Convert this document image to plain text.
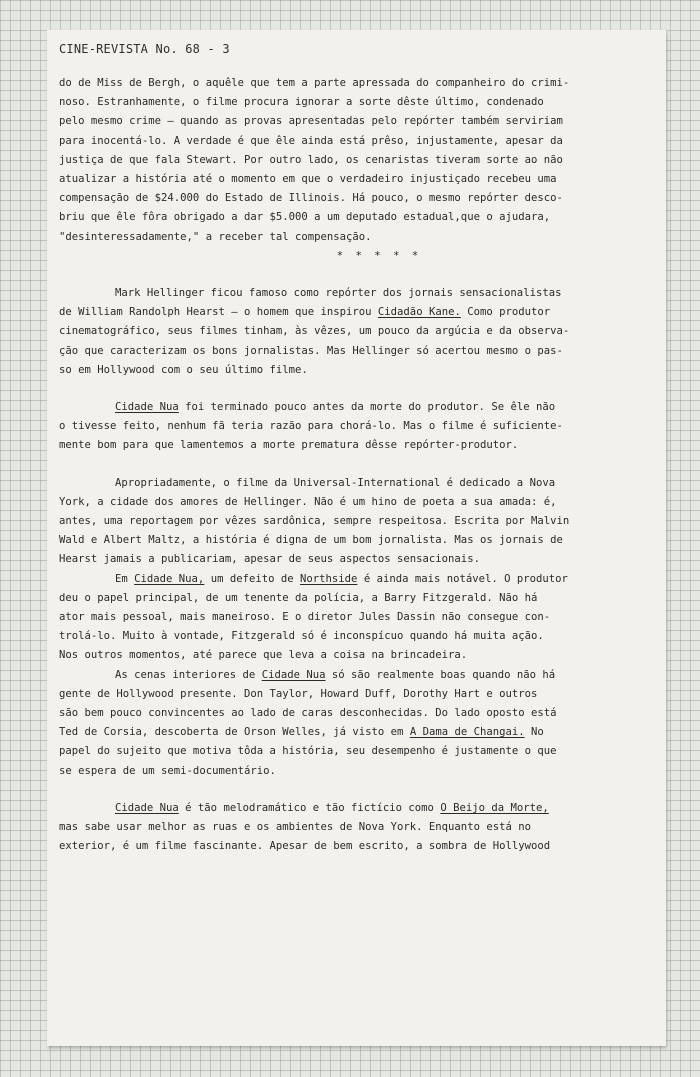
CINE-REVISTA No. 68 - 3

do de Miss de Bergh, o aquêle que tem a parte apressada do companheiro do crimi-
noso. Estranhamente, o filme procura ignorar a sorte dêste último, condenado
pelo mesmo crime — quando as provas apresentadas pelo repórter também serviriam
para inocentá-lo. A verdade é que êle ainda está prêso, injustamente, apesar da
justiça de que fala Stewart. Por outro lado, os cenaristas tiveram sorte ao não
atualizar a história até o momento em que o verdadeiro injustiçado recebeu uma
compensação de $24.000 do Estado de Illinois. Há pouco, o mesmo repórter desco-
briu que êle fôra obrigado a dar $5.000 a um deputado estadual,que o ajudara,
"desinteressadamente," a receber tal compensação.

* * * * *

Mark Hellinger ficou famoso como repórter dos jornais sensacionalistas
de William Randolph Hearst — o homem que inspirou Cidadão Kane. Como produtor
cinematográfico, seus filmes tinham, às vêzes, um pouco da argúcia e da observa-
ção que caracterizam os bons jornalistas. Mas Hellinger só acertou mesmo o pas-
so em Hollywood com o seu último filme.

Cidade Nua foi terminado pouco antes da morte do produtor. Se êle não
o tivesse feito, nenhum fã teria razão para chorá-lo. Mas o filme é suficiente-
mente bom para que lamentemos a morte prematura dêsse repórter-produtor.

Apropriadamente, o filme da Universal-International é dedicado a Nova
York, a cidade dos amores de Hellinger. Não é um hino de poeta a sua amada: é,
antes, uma reportagem por vêzes sardônica, sempre respeitosa. Escrita por Malvin
Wald e Albert Maltz, a história é digna de um bom jornalista. Mas os jornais de
Hearst jamais a publicariam, apesar de seus aspectos sensacionais.

Em Cidade Nua, um defeito de Northside é ainda mais notável. O produtor
deu o papel principal, de um tenente da polícia, a Barry Fitzgerald. Não há
ator mais pessoal, mais maneiroso. E o diretor Jules Dassin não consegue con-
trolá-lo. Muito à vontade, Fitzgerald só é inconspícuo quando há muita ação.
Nos outros momentos, até parece que leva a coisa na brincadeira.

As cenas interiores de Cidade Nua só são realmente boas quando não há
gente de Hollywood presente. Don Taylor, Howard Duff, Dorothy Hart e outros
são bem pouco convincentes ao lado de caras desconhecidas. Do lado oposto está
Ted de Corsia, descoberta de Orson Welles, já visto em A Dama de Changai. No
papel do sujeito que motiva tôda a história, seu desempenho é justamente o que
se espera de um semi-documentário.

Cidade Nua é tão melodramático e tão fictício como O Beijo da Morte,
mas sabe usar melhor as ruas e os ambientes de Nova York. Enquanto está no
exterior, é um filme fascinante. Apesar de bem escrito, a sombra de Hollywood
